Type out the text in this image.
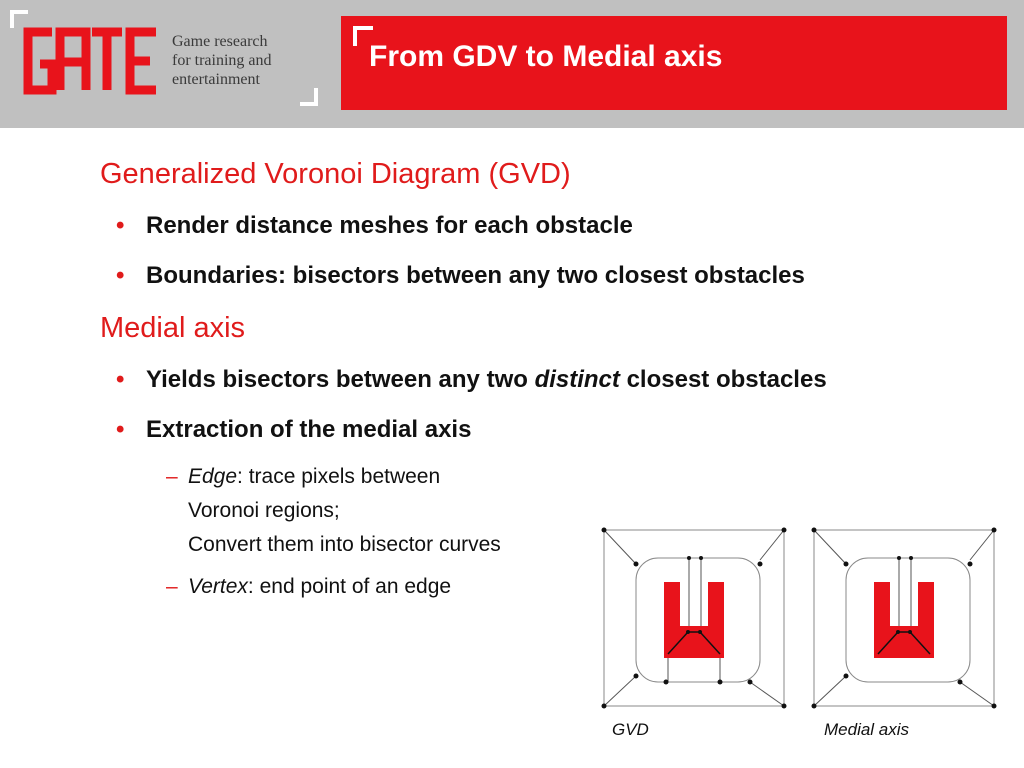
GATE
Game research
for training and
entertainment
From GDV to Medial axis
Generalized Voronoi Diagram (GVD)
• Render distance meshes for each obstacle
• Boundaries: bisectors between any two closest obstacles
Medial axis
• Yields bisectors between any two distinct closest obstacles
• Extraction of the medial axis
– Edge: trace pixels between
Voronoi regions;
Convert them into bisector curves
– Vertex: end point of an edge
GVD	Medial axis
